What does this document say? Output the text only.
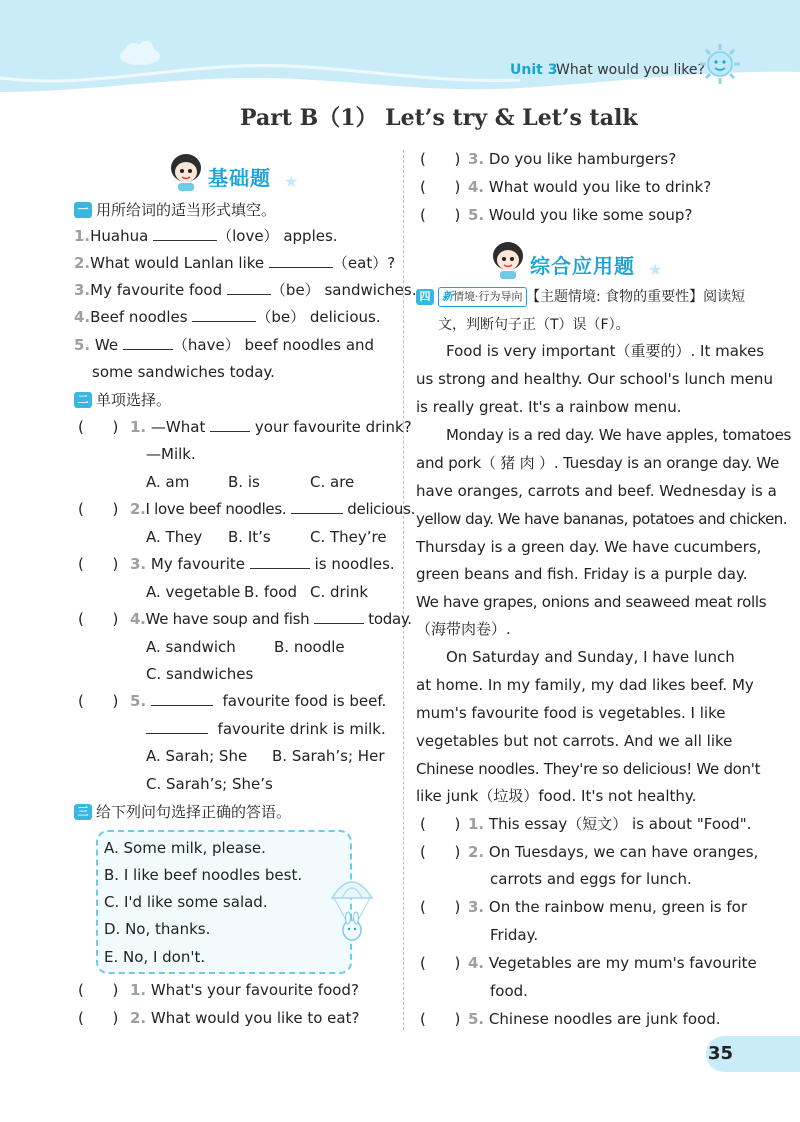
Unit 3
What would you like?
Part B（1） Let’s try & Let’s talk
基础题 ★
一 用所给词的适当形式填空。
1.Huahua	（love） apples.
2.What would Lanlan like	（eat）?
3.My favourite food	（be） sandwiches.
4.Beef noodles	（be） delicious.
5. We	（have） beef noodles and
some sandwiches today.
二 单项选择。
(      ) 1. —What	your favourite drink?
—Milk.
A. am	B. is	C. are
(      ) 2.I love beef noodles.	delicious.
A. They B. It’s	C. They’re
(      ) 3. My favourite	is noodles.
A. vegetable B. food C. drink
(      ) 4.We have soup and fish	today.
A. sandwich	B. noodle
C. sandwiches
(      ) 5.	favourite food is beef.
favourite drink is milk.
A. Sarah; She B. Sarah’s; Her
C. Sarah’s; She’s
三 给下列问句选择正确的答语。
A. Some milk, please.
B. I like beef noodles best.
C. I'd like some salad.
D. No, thanks.
E. No, I don't.
(      ) 1. What's your favourite food?
(      ) 2. What would you like to eat?
(      ) 3. Do you like hamburgers?
(      ) 4. What would you like to drink?
(      ) 5. Would you like some soup?
综合应用题 ★
四	新情境·行为导向 【主题情境: 食物的重要性】阅读短
文，判断句子正（T）误（F）。
Food is very important（重要的）. It makes
us strong and healthy. Our school's lunch menu
is really great. It's a rainbow menu.
Monday is a red day. We have apples, tomatoes
and pork（ 猪 肉 ）. Tuesday is an orange day. We
have oranges, carrots and beef. Wednesday is a
yellow day. We have bananas, potatoes and chicken.
Thursday is a green day. We have cucumbers,
green beans and fish. Friday is a purple day.
We have grapes, onions and seaweed meat rolls
（海带肉卷）.
On Saturday and Sunday, I have lunch
at home. In my family, my dad likes beef. My
mum's favourite food is vegetables. I like
vegetables but not carrots. And we all like
Chinese noodles. They're so delicious! We don't
like junk（垃圾）food. It's not healthy.
(      ) 1. This essay（短文） is about "Food".
(      ) 2. On Tuesdays, we can have oranges,
carrots and eggs for lunch.
(      ) 3. On the rainbow menu, green is for
Friday.
(      ) 4. Vegetables are my mum's favourite
food.
(      ) 5. Chinese noodles are junk food.
35
